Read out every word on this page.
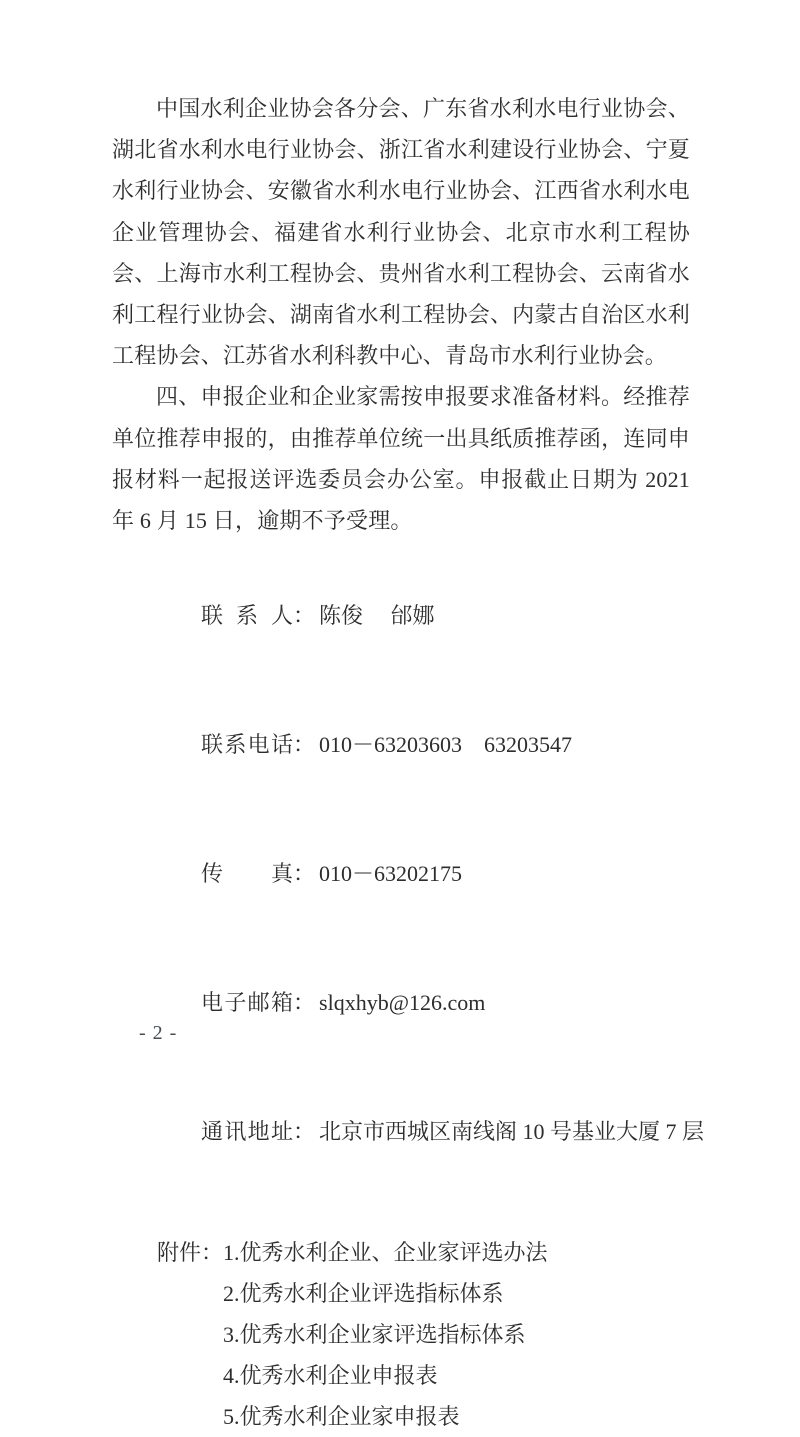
中国水利企业协会各分会、广东省水利水电行业协会、湖北省水利水电行业协会、浙江省水利建设行业协会、宁夏水利行业协会、安徽省水利水电行业协会、江西省水利水电企业管理协会、福建省水利行业协会、北京市水利工程协会、上海市水利工程协会、贵州省水利工程协会、云南省水利工程行业协会、湖南省水利工程协会、内蒙古自治区水利工程协会、江苏省水利科教中心、青岛市水利行业协会。

四、申报企业和企业家需按申报要求准备材料。经推荐单位推荐申报的，由推荐单位统一出具纸质推荐函，连同申报材料一起报送评选委员会办公室。申报截止日期为 2021 年 6 月 15 日，逾期不予受理。

联系人： 陈俊　 邰娜

联系电话： 010－63203603　63203547

传真： 010－63202175

电子邮箱： slqxhyb@126.com

通讯地址： 北京市西城区南线阁 10 号基业大厦 7 层

附件： 1.优秀水利企业、企业家评选办法
2.优秀水利企业评选指标体系
3.优秀水利企业家评选指标体系
4.优秀水利企业申报表
5.优秀水利企业家申报表
- 2 -
